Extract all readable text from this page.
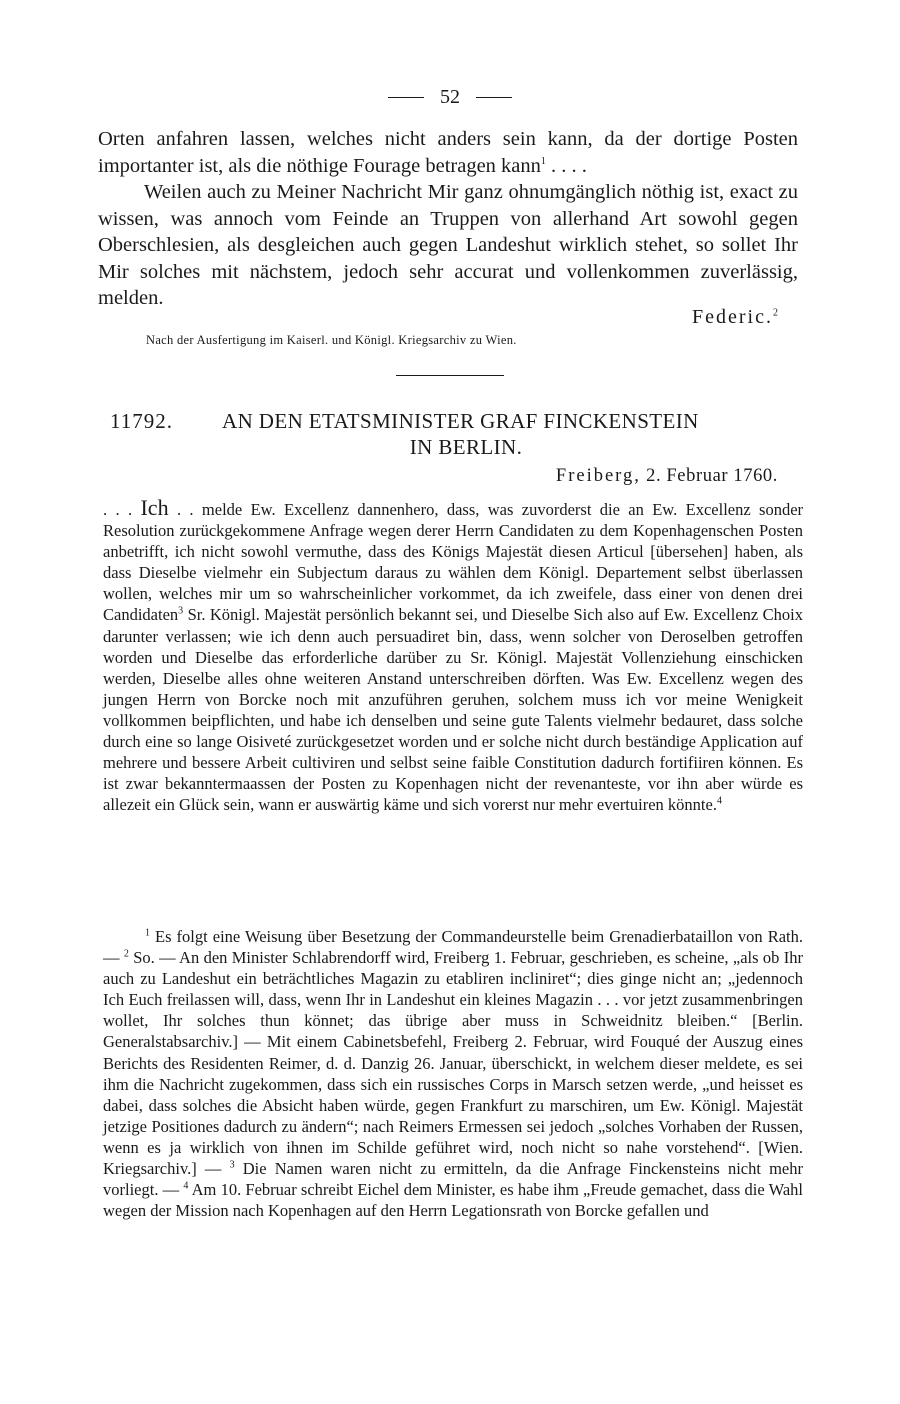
52

Orten anfahren lassen, welches nicht anders sein kann, da der dortige Posten importanter ist, als die nöthige Fourage betragen kann$^1$ . . . .

Weilen auch zu Meiner Nachricht Mir ganz ohnumgänglich nöthig ist, exact zu wissen, was annoch vom Feinde an Truppen von allerhand Art sowohl gegen Oberschlesien, als desgleichen auch gegen Landeshut wirklich stehet, so sollet Ihr Mir solches mit nächstem, jedoch sehr accurat und vollenkommen zuverlässig, melden.

Federic.$^2$
Nach der Ausfertigung im Kaiserl. und Königl. Kriegsarchiv zu Wien.
11792. AN DEN ETATSMINISTER GRAF FINCKENSTEIN
IN BERLIN.
Freiberg, 2. Februar 1760.
. . . Ich . . melde Ew. Excellenz dannenhero, dass, was zuvorderst die an Ew. Excellenz sonder Resolution zurückgekommene Anfrage wegen derer Herrn Candidaten zu dem Kopenhagenschen Posten anbetrifft, ich nicht sowohl vermuthe, dass des Königs Majestät diesen Articul [übersehen] haben, als dass Dieselbe vielmehr ein Subjectum daraus zu wählen dem Königl. Departement selbst überlassen wollen, welches mir um so wahrscheinlicher vorkommet, da ich zweifele, dass einer von denen drei Candidaten$^3$ Sr. Königl. Majestät persönlich bekannt sei, und Dieselbe Sich also auf Ew. Excellenz Choix darunter verlassen; wie ich denn auch persuadiret bin, dass, wenn solcher von Deroselben getroffen worden und Dieselbe das erforderliche darüber zu Sr. Königl. Majestät Vollenziehung einschicken werden, Dieselbe alles ohne weiteren Anstand unterschreiben dörften. Was Ew. Excellenz wegen des jungen Herrn von Borcke noch mit anzuführen geruhen, solchem muss ich vor meine Wenigkeit vollkommen beipflichten, und habe ich denselben und seine gute Talents vielmehr bedauret, dass solche durch eine so lange Oisiveté zurückgesetzet worden und er solche nicht durch beständige Application auf mehrere und bessere Arbeit cultiviren und selbst seine faible Constitution dadurch fortifiiren können. Es ist zwar bekanntermaassen der Posten zu Kopenhagen nicht der revenanteste, vor ihn aber würde es allezeit ein Glück sein, wann er auswärtig käme und sich vorerst nur mehr evertuiren könnte.$^4$

$^1$ Es folgt eine Weisung über Besetzung der Commandeurstelle beim Grenadierbataillon von Rath. — $^2$ So. — An den Minister Schlabrendorff wird, Freiberg 1. Februar, geschrieben, es scheine, „als ob Ihr auch zu Landeshut ein beträchtliches Magazin zu etabliren incliniret“; dies ginge nicht an; „jedennoch Ich Euch freilassen will, dass, wenn Ihr in Landeshut ein kleines Magazin . . . vor jetzt zusammenbringen wollet, Ihr solches thun könnet; das übrige aber muss in Schweidnitz bleiben.“ [Berlin. Generalstabsarchiv.] — Mit einem Cabinetsbefehl, Freiberg 2. Februar, wird Fouqué der Auszug eines Berichts des Residenten Reimer, d. d. Danzig 26. Januar, überschickt, in welchem dieser meldete, es sei ihm die Nachricht zugekommen, dass sich ein russisches Corps in Marsch setzen werde, „und heisset es dabei, dass solches die Absicht haben würde, gegen Frankfurt zu marschiren, um Ew. Königl. Majestät jetzige Positiones dadurch zu ändern“; nach Reimers Ermessen sei jedoch „solches Vorhaben der Russen, wenn es ja wirklich von ihnen im Schilde geführet wird, noch nicht so nahe vorstehend“. [Wien. Kriegsarchiv.] — $^3$ Die Namen waren nicht zu ermitteln, da die Anfrage Finckensteins nicht mehr vorliegt. — $^4$ Am 10. Februar schreibt Eichel dem Minister, es habe ihm „Freude gemachet, dass die Wahl wegen der Mission nach Kopenhagen auf den Herrn Legationsrath von Borcke gefallen und
